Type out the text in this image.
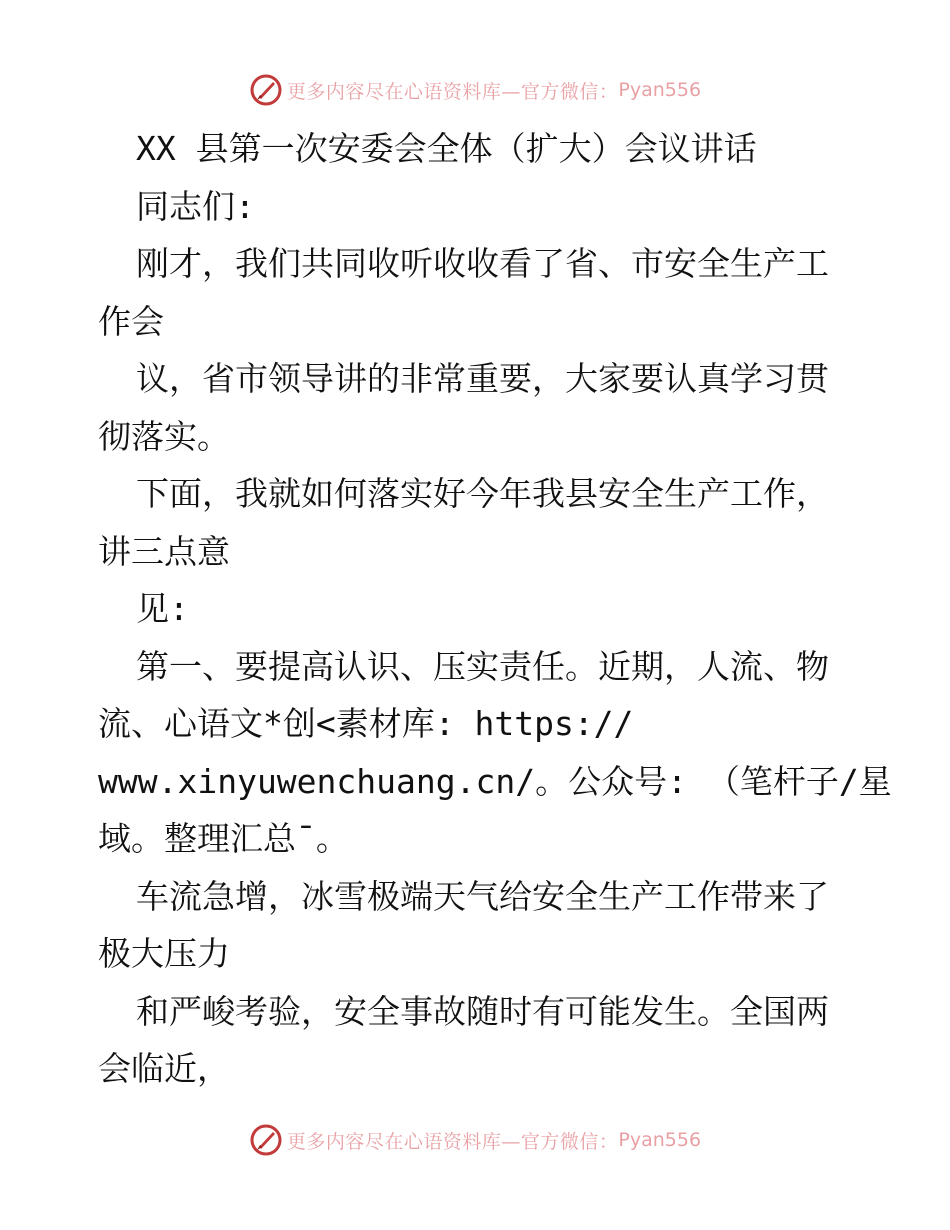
更多内容尽在心语资料库—官方微信： Pyan556
XX 县第一次安委会全体（扩大）会议讲话
同志们:
刚才，我们共同收听收收看了省、市安全生产工
作会
议，省市领导讲的非常重要，大家要认真学习贯
彻落实。
下面，我就如何落实好今年我县安全生产工作，
讲三点意
见:
第一、要提高认识、压实责任。近期，人流、物
流、心语文*创<素材库: https://
www.xinyuwenchuang.cn/。公众号: （笔杆子/星
域。整理汇总¯。
车流急增，冰雪极端天气给安全生产工作带来了
极大压力
和严峻考验，安全事故随时有可能发生。全国两
会临近，
更多内容尽在心语资料库—官方微信： Pyan556
